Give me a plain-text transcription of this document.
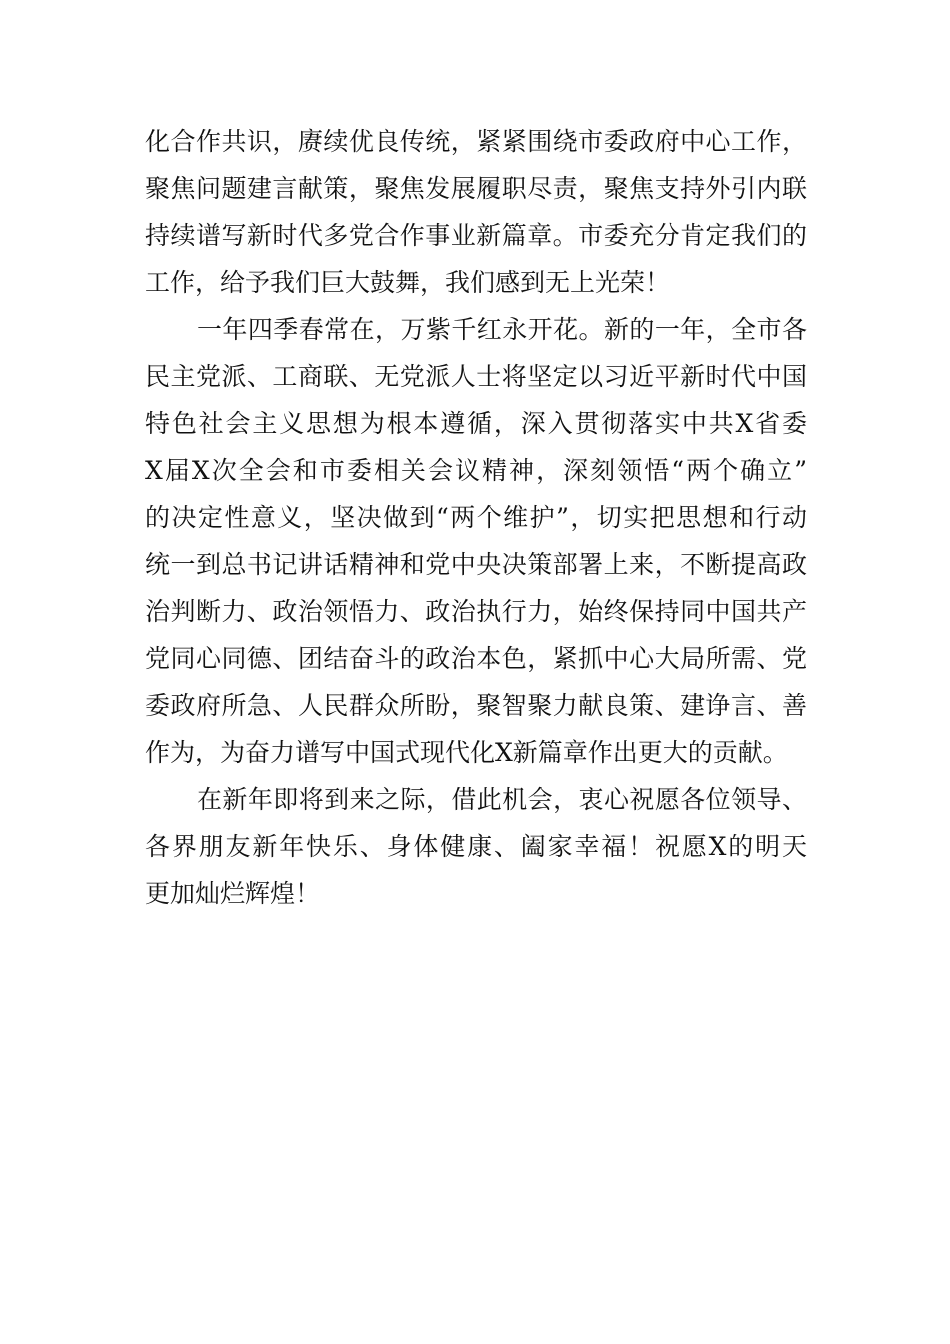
化合作共识，赓续优良传统，紧紧围绕市委政府中心工作，
聚焦问题建言献策，聚焦发展履职尽责，聚焦支持外引内联
持续谱写新时代多党合作事业新篇章。市委充分肯定我们的
工作，给予我们巨大鼓舞，我们感到无上光荣！
一年四季春常在，万紫千红永开花。新的一年，全市各
民主党派、工商联、无党派人士将坚定以习近平新时代中国
特色社会主义思想为根本遵循，深入贯彻落实中共X省委
X届X次全会和市委相关会议精神，深刻领悟“两个确立”
的决定性意义，坚决做到“两个维护”，切实把思想和行动
统一到总书记讲话精神和党中央决策部署上来，不断提高政
治判断力、政治领悟力、政治执行力，始终保持同中国共产
党同心同德、团结奋斗的政治本色，紧抓中心大局所需、党
委政府所急、人民群众所盼，聚智聚力献良策、建诤言、善
作为，为奋力谱写中国式现代化X新篇章作出更大的贡献。
在新年即将到来之际，借此机会，衷心祝愿各位领导、
各界朋友新年快乐、身体健康、阖家幸福！祝愿X的明天
更加灿烂辉煌！
